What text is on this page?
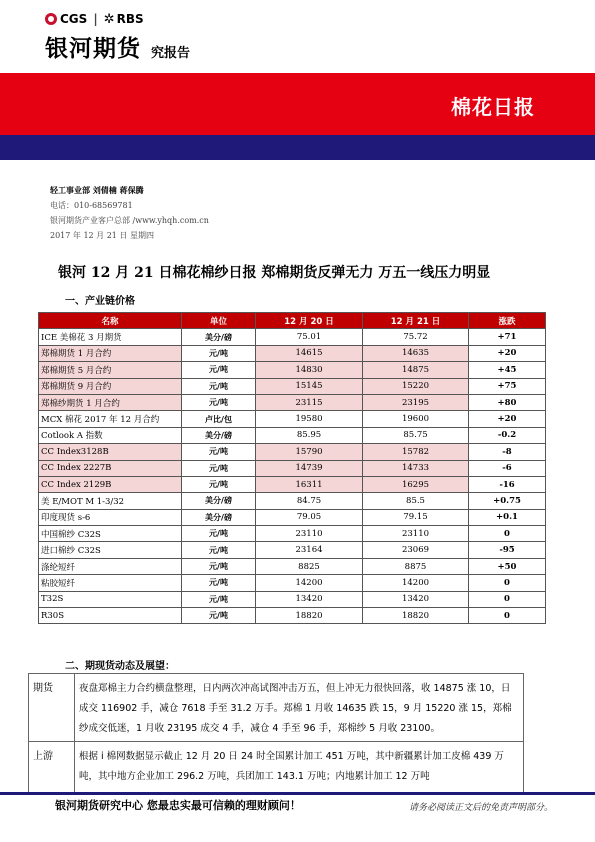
CGS | ✲ RBS
银河期货 究报告
棉花日报
轻工事业部 刘倩楠 蒋保腾
电话：010-68569781
银河期货产业客户总部 /www.yhqh.com.cn
2017 年 12 月 21 日 星期四
银河 12 月 21 日棉花棉纱日报 郑棉期货反弹无力 万五一线压力明显
一、产业链价格
名称	单位	12 月 20 日	12 月 21 日	涨跌
ICE 美棉花 3 月期货	美分/磅	75.01	75.72	+71
郑棉期货 1 月合约	元/吨	14615	14635	+20
郑棉期货 5 月合约	元/吨	14830	14875	+45
郑棉期货 9 月合约	元/吨	15145	15220	+75
郑棉纱期货 1 月合约	元/吨	23115	23195	+80
MCX 棉花 2017 年 12 月合约	卢比/包	19580	19600	+20
Cotlook A 指数	美分/磅	85.95	85.75	-0.2
CC Index3128B	元/吨	15790	15782	-8
CC Index 2227B	元/吨	14739	14733	-6
CC Index 2129B	元/吨	16311	16295	-16
美 E/MOT M 1-3/32	美分/磅	84.75	85.5	+0.75
印度现货 s-6	美分/磅	79.05	79.15	+0.1
中国棉纱 C32S	元/吨	23110	23110	0
进口棉纱 C32S	元/吨	23164	23069	-95
涤纶短纤	元/吨	8825	8875	+50
粘胶短纤	元/吨	14200	14200	0
T32S	元/吨	13420	13420	0
R30S	元/吨	18820	18820	0
二、期现货动态及展望：
期货	夜盘郑棉主力合约横盘整理，日内两次冲高试图冲击万五，但上冲无力很快回落，收 14875 涨 10，日成交 116902 手，减仓 7618 手至 31.2 万手。郑棉 1 月收 14635 跌 15，9 月 15220 涨 15，郑棉纱成交低迷，1 月收 23195 成交 4 手，减仓 4 手至 96 手，郑棉纱 5 月收 23100。

上游	根据 i 棉网数据显示截止 12 月 20 日 24 时全国累计加工 451 万吨，其中新疆累计加工皮棉 439 万吨，其中地方企业加工 296.2 万吨，兵团加工 143.1 万吨；内地累计加工 12 万吨
银河期货研究中心 您最忠实最可信赖的理财顾问！	请务必阅读正文后的免责声明部分。
